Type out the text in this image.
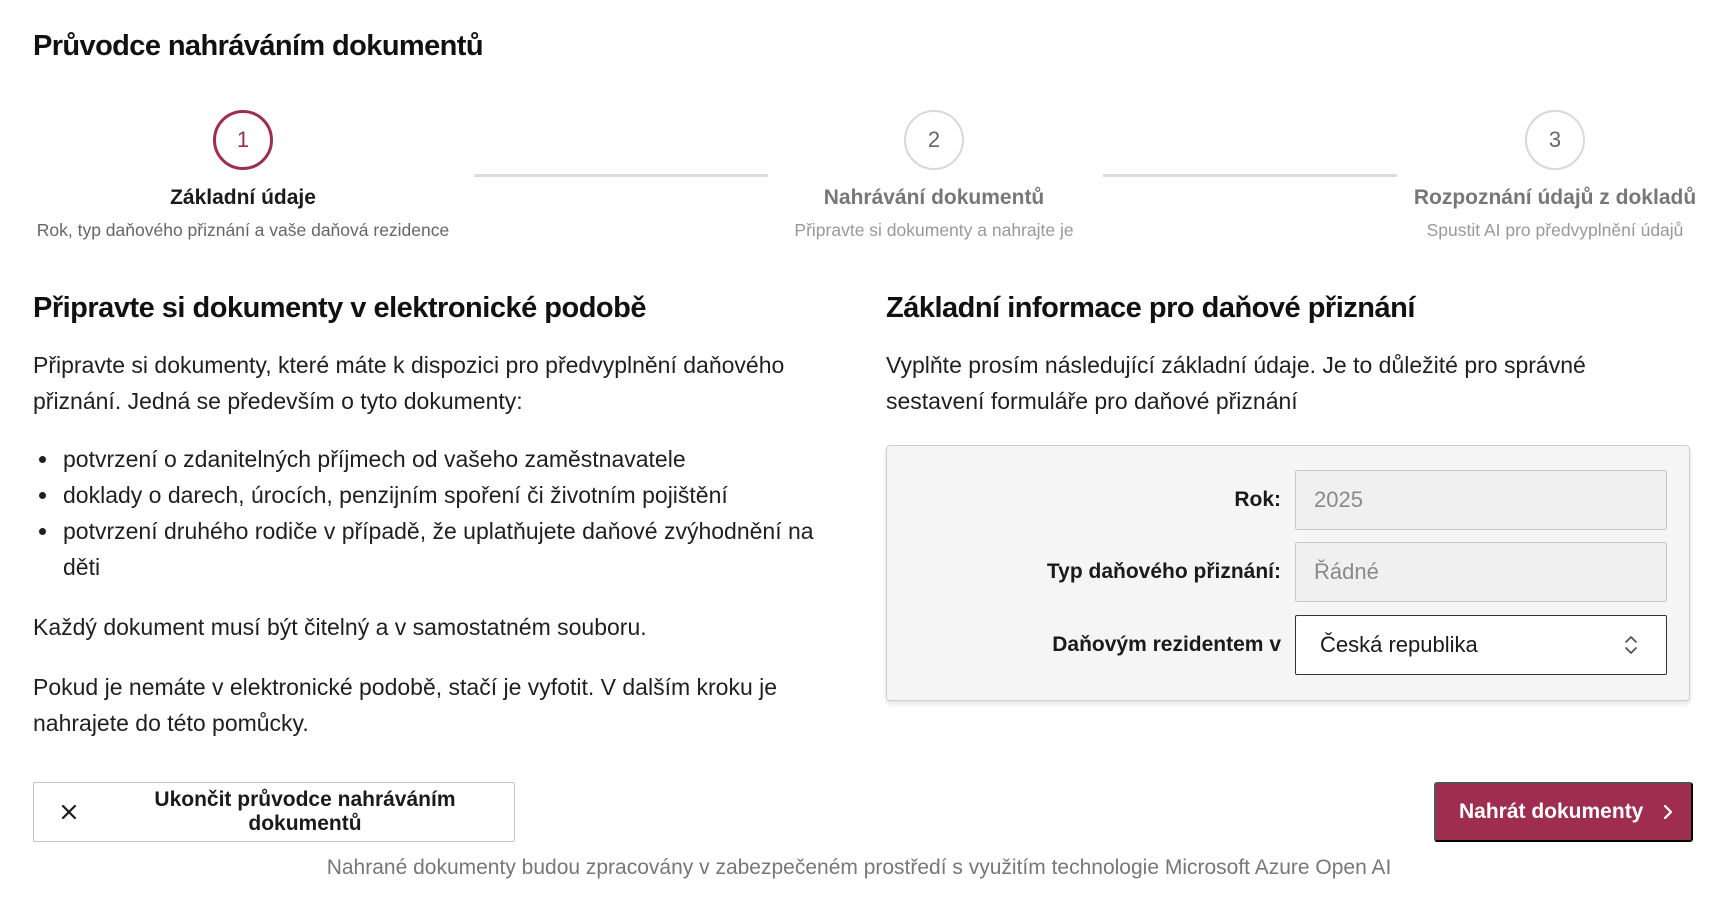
Průvodce nahráváním dokumentů
1
Základní údaje
Rok, typ daňového přiznání a vaše daňová rezidence
2
Nahrávání dokumentů
Připravte si dokumenty a nahrajte je
3
Rozpoznání údajů z dokladů
Spustit AI pro předvyplnění údajů
Připravte si dokumenty v elektronické podobě

Připravte si dokumenty, které máte k dispozici pro předvyplnění daňového přiznání. Jedná se především o tyto dokumenty:

potvrzení o zdanitelných příjmech od vašeho zaměstnavatele
doklady o darech, úrocích, penzijním spoření či životním pojištění
potvrzení druhého rodiče v případě, že uplatňujete daňové zvýhodnění na děti

Každý dokument musí být čitelný a v samostatném souboru.

Pokud je nemáte v elektronické podobě, stačí je vyfotit. V dalším kroku je nahrajete do této pomůcky.

Základní informace pro daňové přiznání

Vyplňte prosím následující základní údaje. Je to důležité pro správné sestavení formuláře pro daňové přiznání

Rok:	2025
Typ daňového přiznání:	Řádné
Daňovým rezidentem v	Česká republika
Ukončit průvodce nahráváním dokumentů
Nahrát dokumenty

Nahrané dokumenty budou zpracovány v zabezpečeném prostředí s využitím technologie Microsoft Azure Open AI
